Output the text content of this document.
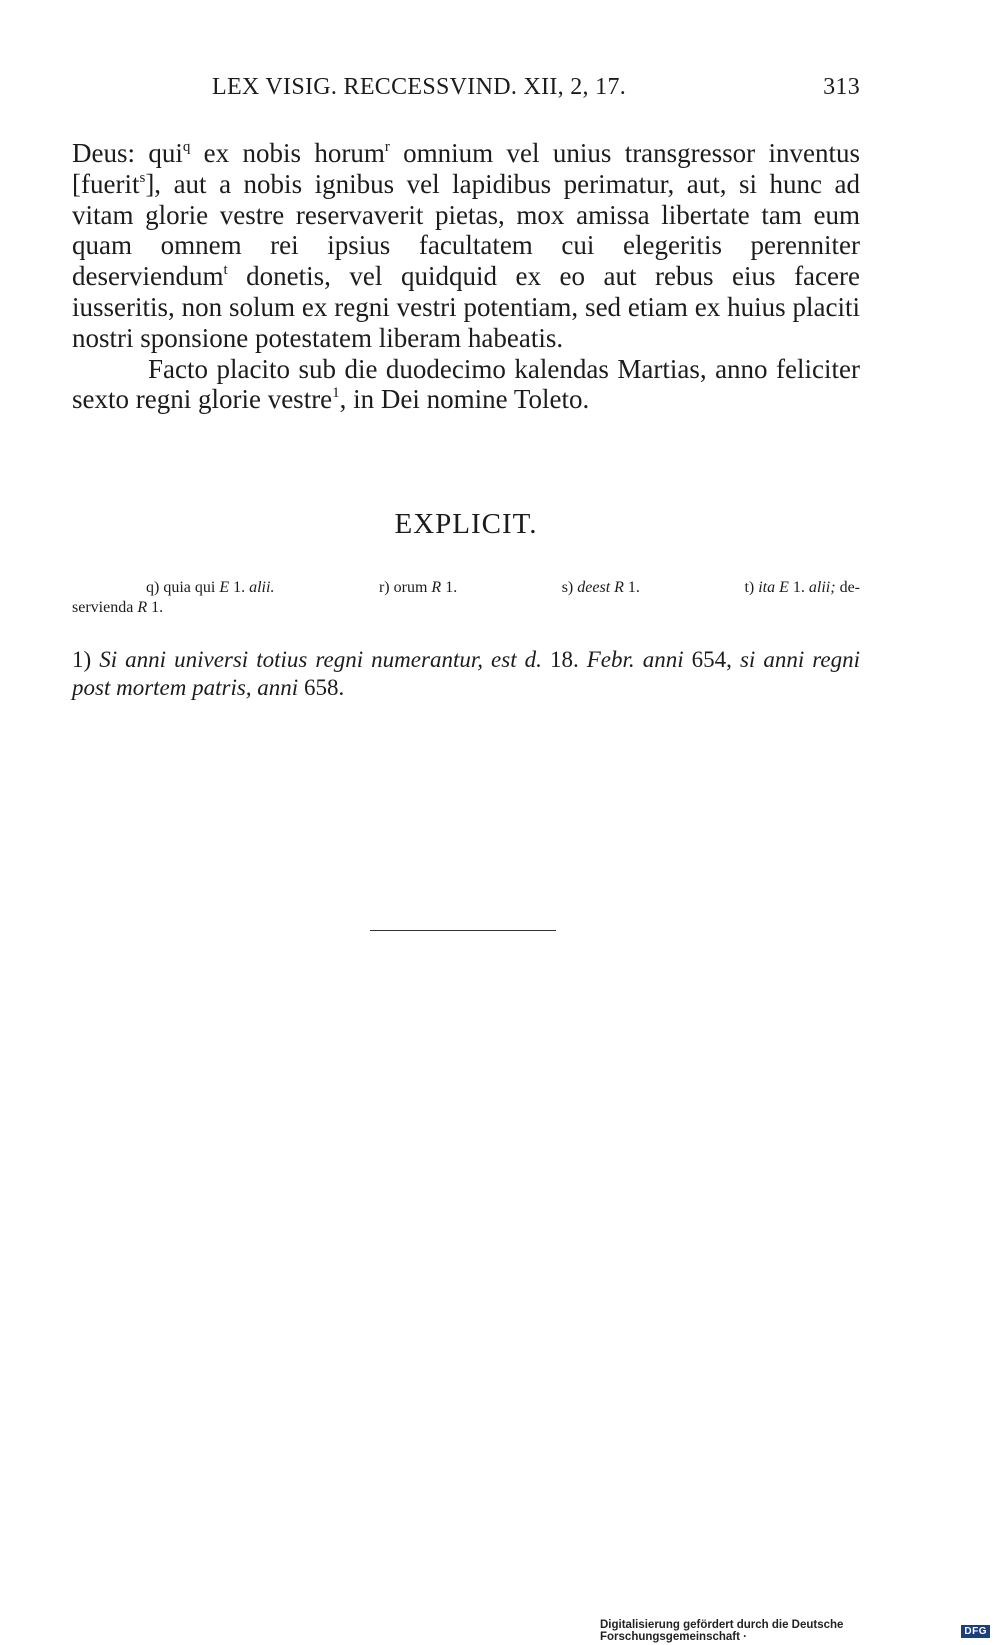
LEX VISIG. RECCESSVIND. XII, 2, 17.	313

Deus: qui$^q$ ex nobis horum$^r$ omnium vel unius transgressor inventus [fuerit$^s$], aut a nobis ignibus vel lapidibus perimatur, aut, si hunc ad vitam glorie vestre reservaverit pietas, mox amissa libertate tam eum quam omnem rei ipsius facultatem cui elegeritis perenniter deserviendum$^t$ donetis, vel quidquid ex eo aut rebus eius facere iusseritis, non solum ex regni vestri potentiam, sed etiam ex huius placiti nostri sponsione potestatem liberam habeatis.

Facto placito sub die duodecimo kalendas Martias, anno feliciter sexto regni glorie vestre$^1$, in Dei nomine Toleto.

EXPLICIT.
q) quia qui E 1. alii.	r) orum R 1.	s) deest R 1.	t) ita E 1. alii; de-
servienda R 1.
1) Si anni universi totius regni numerantur, est d. 18. Febr. anni 654, si anni regni post mortem patris, anni 658.
Digitalisierung gefördert durch die Deutsche Forschungsgemeinschaft ·	DFG
